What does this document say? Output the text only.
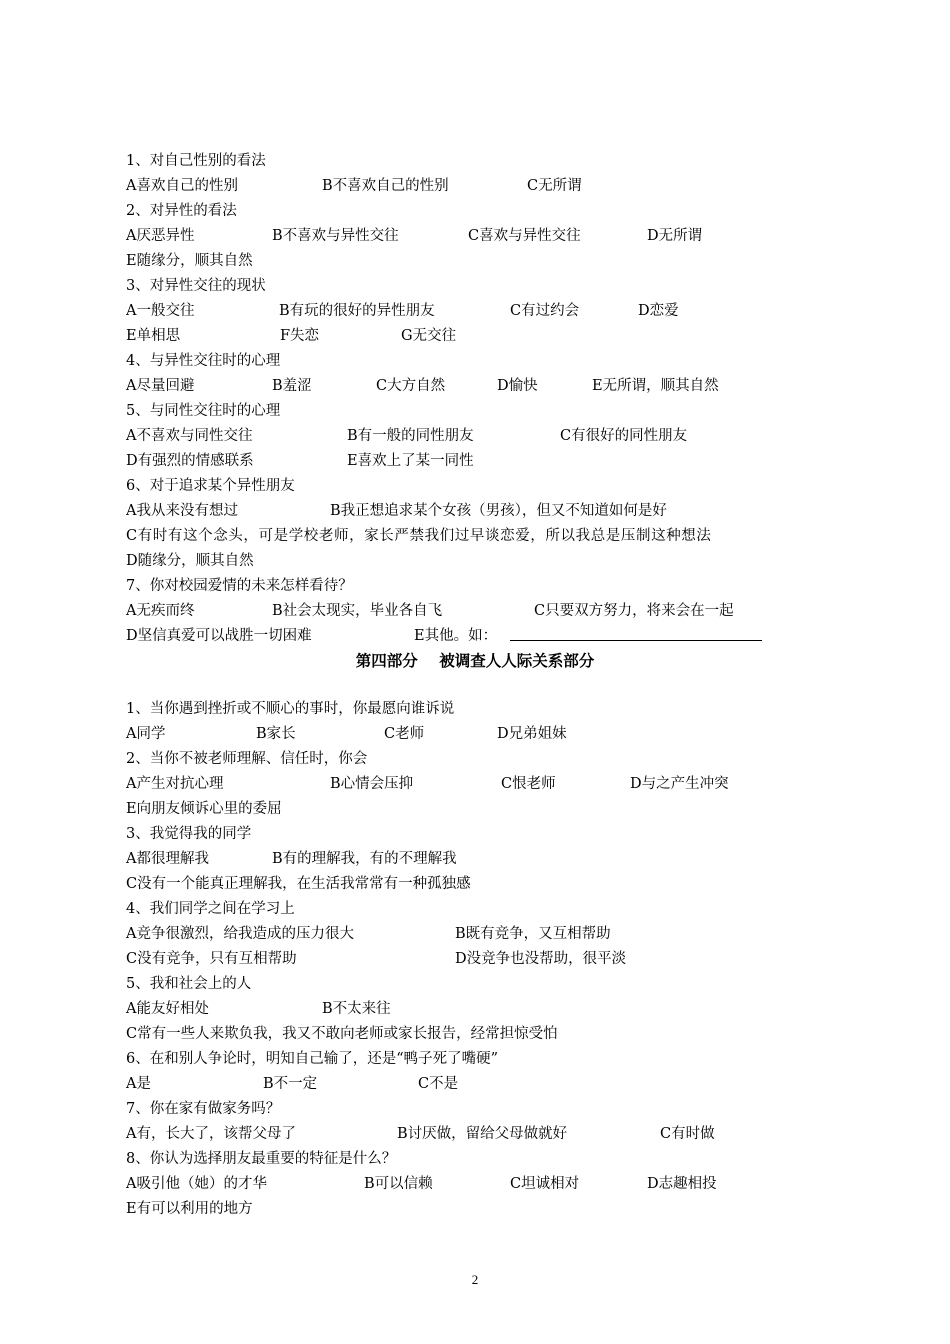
1、对自己性别的看法
A喜欢自己的性别	B不喜欢自己的性别	C无所谓
2、对异性的看法
A厌恶异性	B不喜欢与异性交往	C喜欢与异性交往	D无所谓
E随缘分，顺其自然
3、对异性交往的现状
A一般交往	B有玩的很好的异性朋友	C有过约会	D恋爱
E单相思	F失恋	G无交往
4、与异性交往时的心理
A尽量回避	B羞涩	C大方自然	D愉快	E无所谓，顺其自然
5、与同性交往时的心理
A不喜欢与同性交往	B有一般的同性朋友	C有很好的同性朋友
D有强烈的情感联系	E喜欢上了某一同性
6、对于追求某个异性朋友
A我从来没有想过	B我正想追求某个女孩（男孩），但又不知道如何是好
C有时有这个念头，可是学校老师，家长严禁我们过早谈恋爱，所以我总是压制这种想法
D随缘分，顺其自然
7、你对校园爱情的未来怎样看待？
A无疾而终	B社会太现实，毕业各自飞	C只要双方努力，将来会在一起
D坚信真爱可以战胜一切困难	E其他。如：
第四部分    被调查人人际关系部分
1、当你遇到挫折或不顺心的事时，你最愿向谁诉说
A同学	B家长	C老师	D兄弟姐妹
2、当你不被老师理解、信任时，你会
A产生对抗心理	B心情会压抑	C恨老师	D与之产生冲突
E向朋友倾诉心里的委屈
3、我觉得我的同学
A都很理解我	B有的理解我，有的不理解我
C没有一个能真正理解我，在生活我常常有一种孤独感
4、我们同学之间在学习上
A竞争很激烈，给我造成的压力很大	B既有竞争，又互相帮助
C没有竞争，只有互相帮助	D没竞争也没帮助，很平淡
5、我和社会上的人
A能友好相处	B不太来往
C常有一些人来欺负我，我又不敢向老师或家长报告，经常担惊受怕
6、在和别人争论时，明知自己输了，还是“鸭子死了嘴硬”
A是	B不一定	C不是
7、你在家有做家务吗？
A有，长大了，该帮父母了	B讨厌做，留给父母做就好	C有时做
8、你认为选择朋友最重要的特征是什么？
A吸引他（她）的才华	B可以信赖	C坦诚相对	D志趣相投
E有可以利用的地方
2
